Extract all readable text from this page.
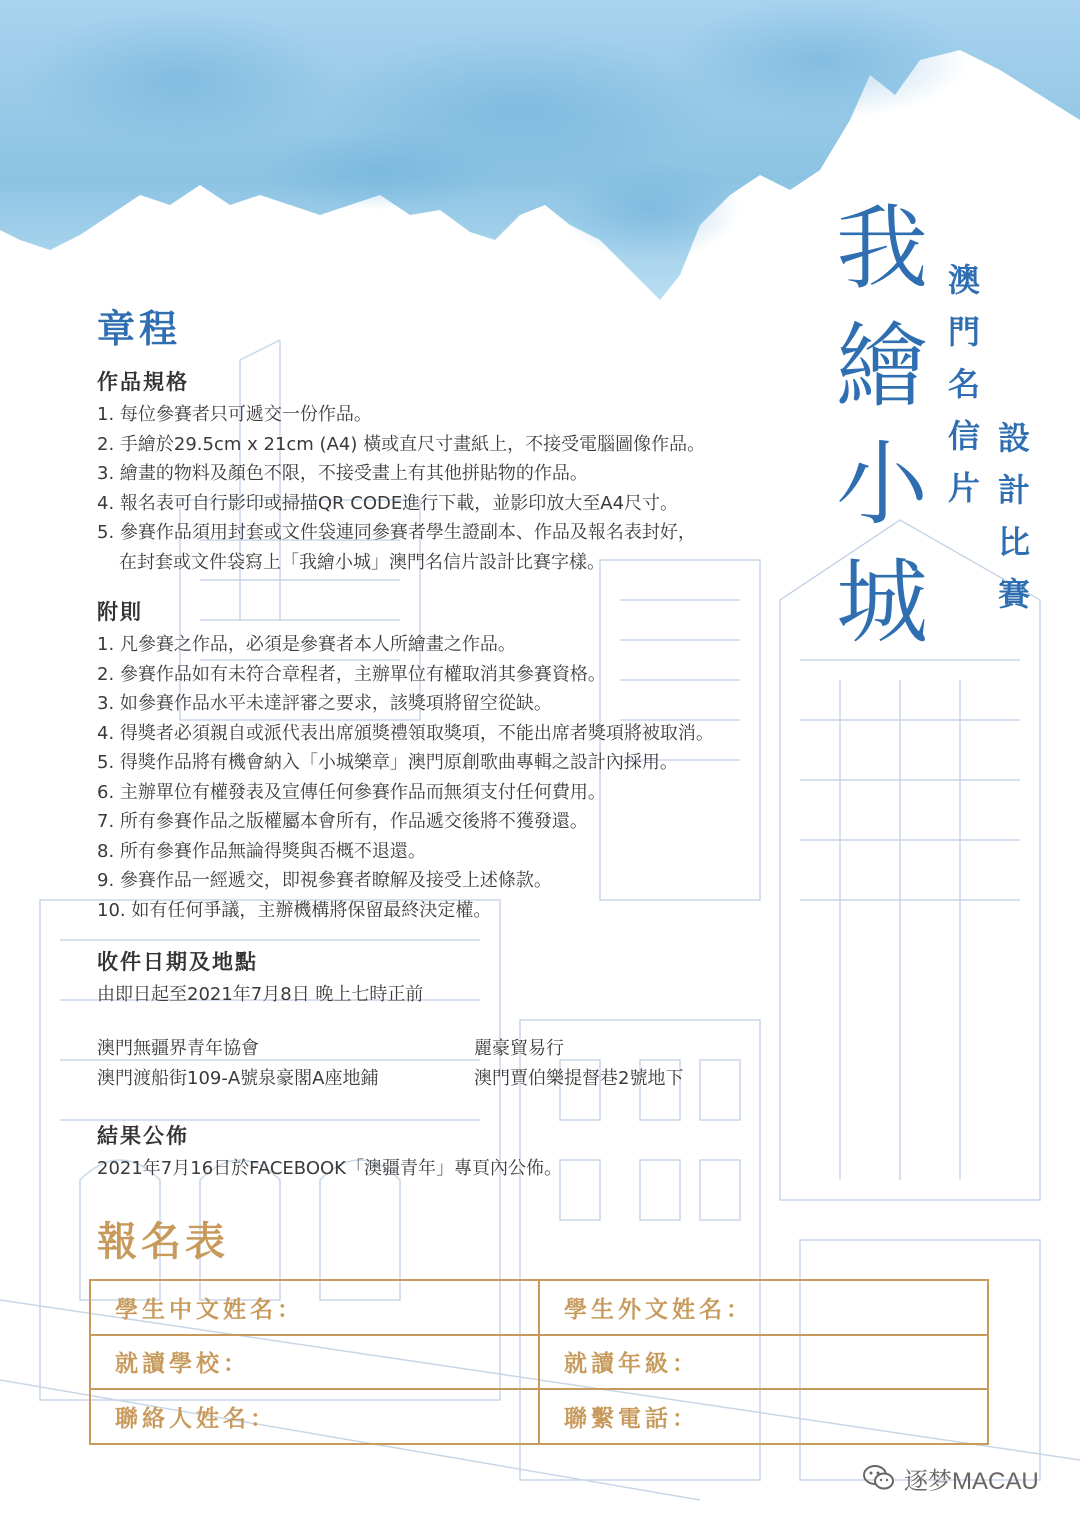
我
繪
小
城
澳
門
名
信
片
設
計
比
賽
章程
作品規格
1. 每位參賽者只可遞交一份作品。
2. 手繪於29.5cm x 21cm (A4) 橫或直尺寸畫紙上，不接受電腦圖像作品。
3. 繪畫的物料及顏色不限，不接受畫上有其他拼貼物的作品。
4. 報名表可自行影印或掃描QR CODE進行下載，並影印放大至A4尺寸。
5. 參賽作品須用封套或文件袋連同參賽者學生證副本、作品及報名表封好，
在封套或文件袋寫上「我繪小城」澳門名信片設計比賽字樣。
附則
1. 凡參賽之作品，必須是參賽者本人所繪畫之作品。
2. 參賽作品如有未符合章程者，主辦單位有權取消其參賽資格。
3. 如參賽作品水平未達評審之要求，該獎項將留空從缺。
4. 得獎者必須親自或派代表出席頒獎禮領取獎項，不能出席者獎項將被取消。
5. 得獎作品將有機會納入「小城樂章」澳門原創歌曲專輯之設計內採用。
6. 主辦單位有權發表及宣傳任何參賽作品而無須支付任何費用。
7. 所有參賽作品之版權屬本會所有，作品遞交後將不獲發還。
8. 所有參賽作品無論得獎與否概不退還。
9. 參賽作品一經遞交，即視參賽者瞭解及接受上述條款。
10. 如有任何爭議，主辦機構將保留最終決定權。
收件日期及地點

由即日起至2021年7月8日 晚上七時正前

澳門無疆界青年協會
澳門渡船街109-A號泉豪閣A座地鋪
麗豪貿易行
澳門賈伯樂提督巷2號地下
結果公佈

2021年7月16日於FACEBOOK「澳疆青年」專頁內公佈。

報名表
學生中文姓名：	學生外文姓名：
就讀學校：	就讀年級：
聯絡人姓名：	聯繫電話：
逐梦MACAU
